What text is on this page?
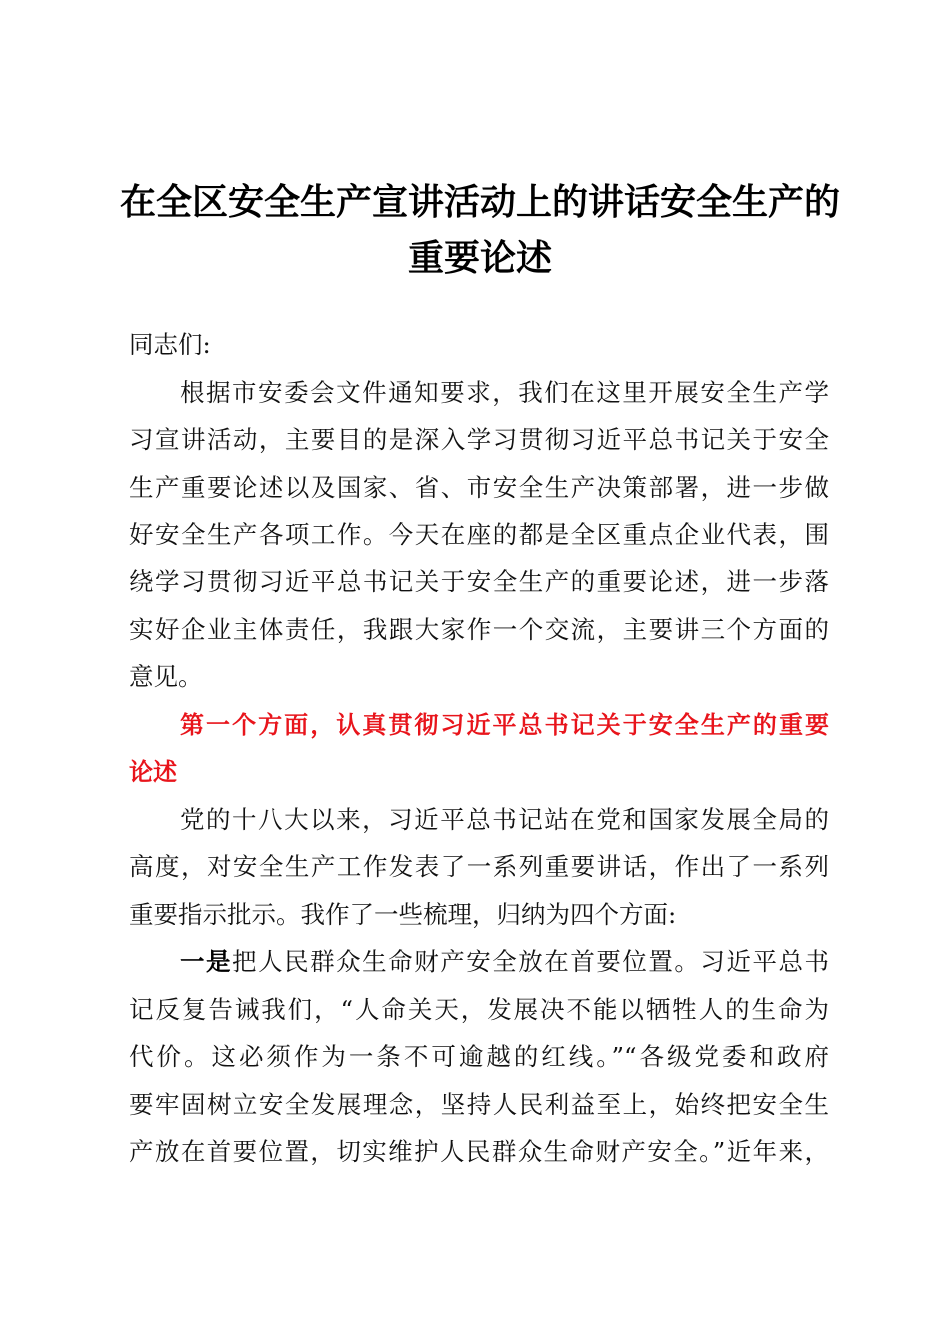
在全区安全生产宣讲活动上的讲话安全生产的
重要论述
同志们:
根据市安委会文件通知要求，我们在这里开展安全生产学
习宣讲活动，主要目的是深入学习贯彻习近平总书记关于安全
生产重要论述以及国家、省、市安全生产决策部署，进一步做
好安全生产各项工作。今天在座的都是全区重点企业代表，围
绕学习贯彻习近平总书记关于安全生产的重要论述，进一步落
实好企业主体责任，我跟大家作一个交流，主要讲三个方面的
意见。
第一个方面，认真贯彻习近平总书记关于安全生产的重要
论述
党的十八大以来，习近平总书记站在党和国家发展全局的
高度，对安全生产工作发表了一系列重要讲话，作出了一系列
重要指示批示。我作了一些梳理，归纳为四个方面:
一是把人民群众生命财产安全放在首要位置。习近平总书
记反复告诫我们，“人命关天，发展决不能以牺牲人的生命为
代价。这必须作为一条不可逾越的红线。”“各级党委和政府
要牢固树立安全发展理念，坚持人民利益至上，始终把安全生
产放在首要位置，切实维护人民群众生命财产安全。”近年来，
